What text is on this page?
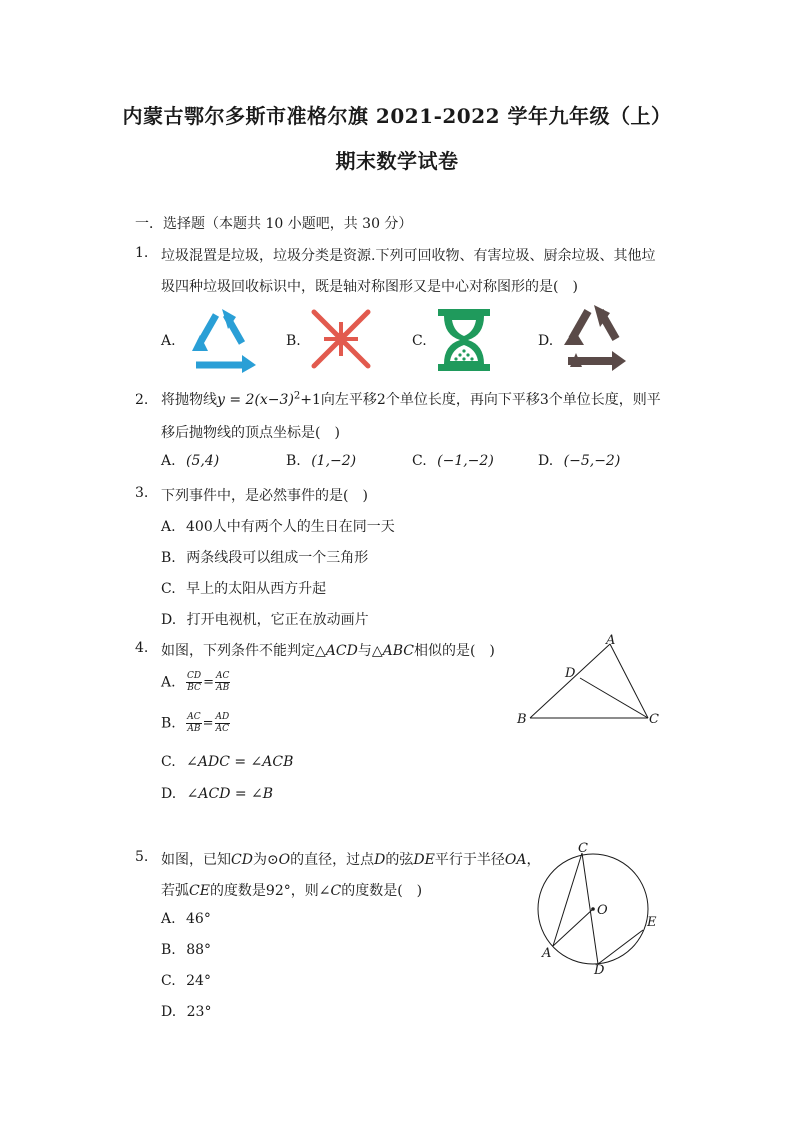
内蒙古鄂尔多斯市准格尔旗 2021-2022 学年九年级（上）
期末数学试卷
一．选择题（本题共 10 小题吧，共 30 分）
1. 垃圾混置是垃圾，垃圾分类是资源.下列可回收物、有害垃圾、厨余垃圾、其他垃
圾四种垃圾回收标识中，既是轴对称图形又是中心对称图形的是(　)
A.	B.	C.	D.
2. 将抛物线$y = 2(x-3)^2+1$向左平移2个单位长度，再向下平移3个单位长度，则平
移后抛物线的顶点坐标是(　)
A. (5,4)	B. (1,−2)	C. (−1,−2)	D. (−5,−2)
3. 下列事件中，是必然事件的是(　)
A. 400人中有两个人的生日在同一天
B. 两条线段可以组成一个三角形
C. 早上的太阳从西方升起
D. 打开电视机，它正在放动画片
4. 如图，下列条件不能判定△ACD与△ABC相似的是(　)
A. $\frac{CD}{BC} = \frac{AC}{AB}$
B. $\frac{AC}{AB} = \frac{AD}{AC}$
C. ∠ADC = ∠ACB
D. ∠ACD = ∠B
A
B	C
D
5. 如图，已知CD为⊙O的直径，过点D的弦DE平行于半径OA，
若弧CE的度数是92°，则∠C的度数是(　)
A. 46°
B. 88°
C. 24°
D. 23°
C
O
E
A
D
